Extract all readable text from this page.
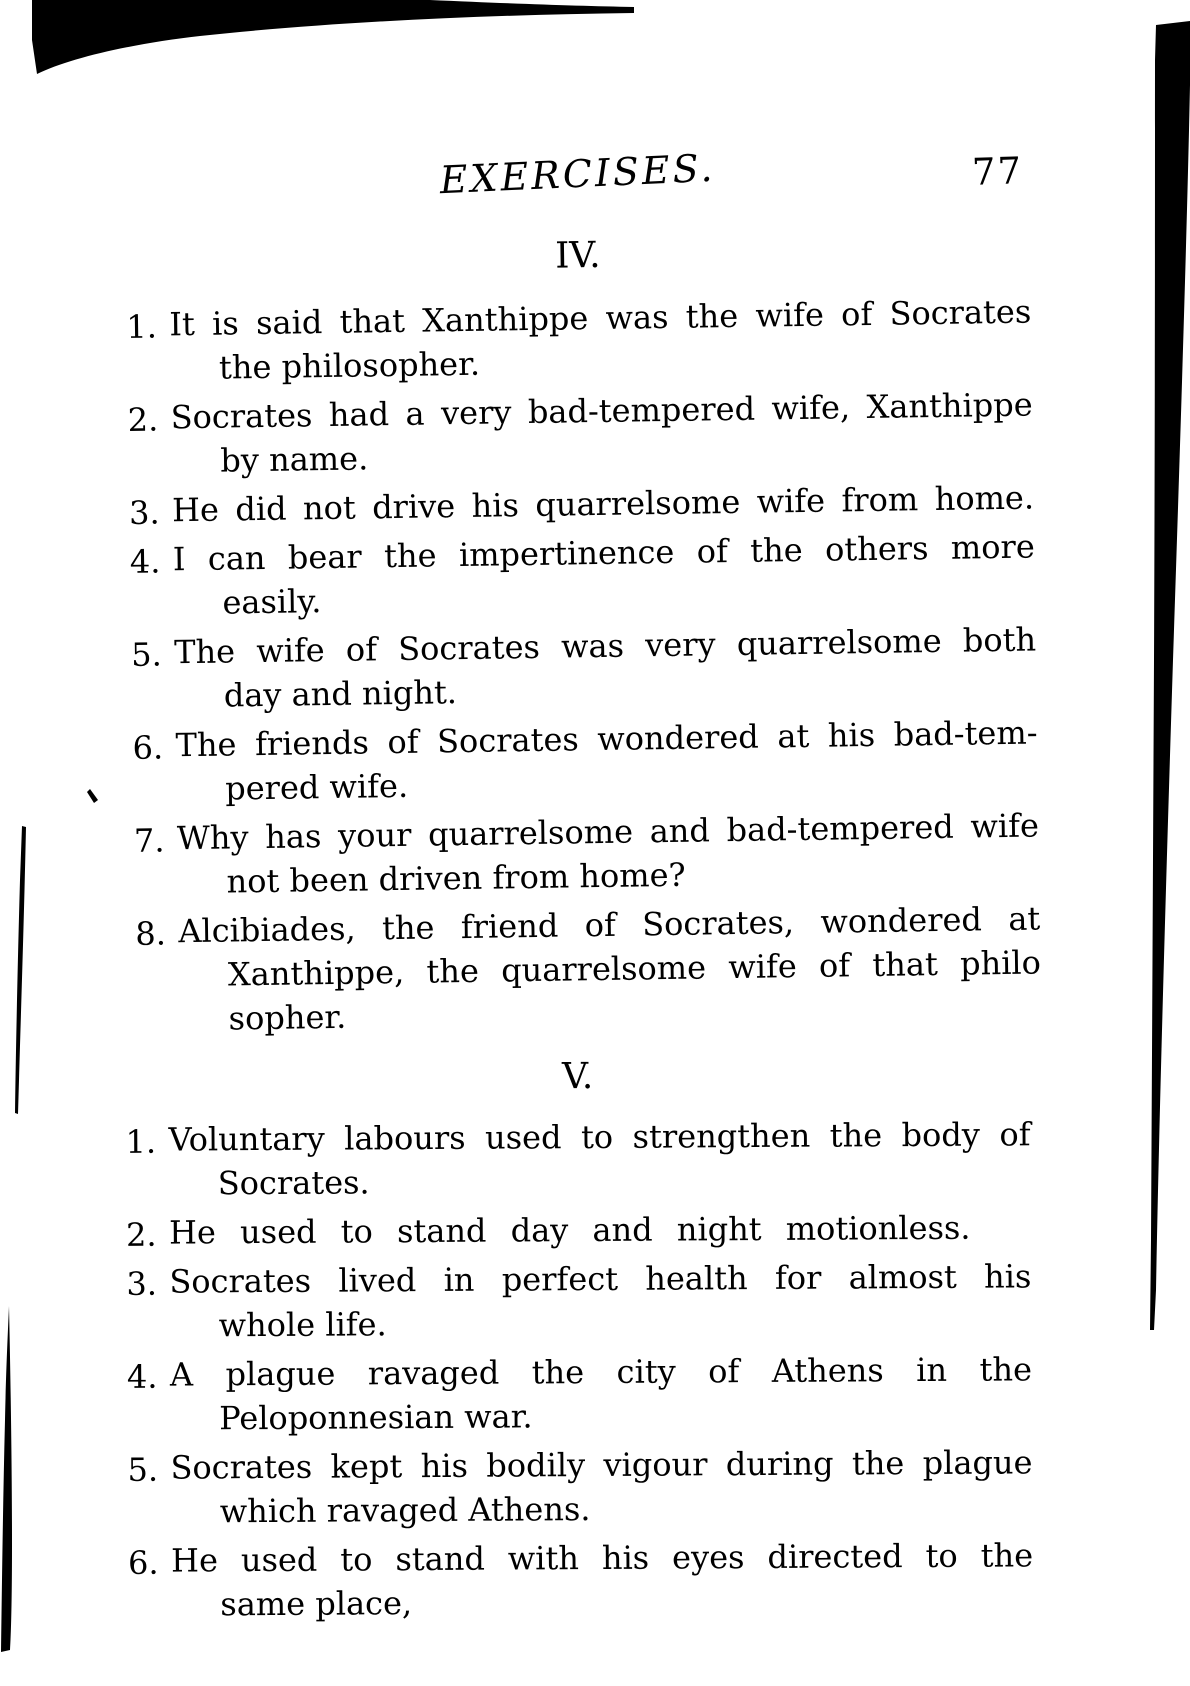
EXERCISES.	77
IV.
1. It is said that Xanthippe was the wife of Socrates
the philosopher.
2. Socrates had a very bad-tempered wife, Xanthippe
by name.
3. He did not drive his quarrelsome wife from home.
4. I can bear the impertinence of the others more
easily.
5. The wife of Socrates was very quarrelsome both
day and night.
6. The friends of Socrates wondered at his bad-tem-
pered wife.
7. Why has your quarrelsome and bad-tempered wife
not been driven from home?
8. Alcibiades, the friend of Socrates, wondered at
Xanthippe, the quarrelsome wife of that philo
sopher.
V.
1. Voluntary labours used to strengthen the body of
Socrates.
2. He used to stand day and night motionless.
3. Socrates lived in perfect health for almost his
whole life.
4. A plague ravaged the city of Athens in the
Peloponnesian war.
5. Socrates kept his bodily vigour during the plague
which ravaged Athens.
6. He used to stand with his eyes directed to the
same place,
